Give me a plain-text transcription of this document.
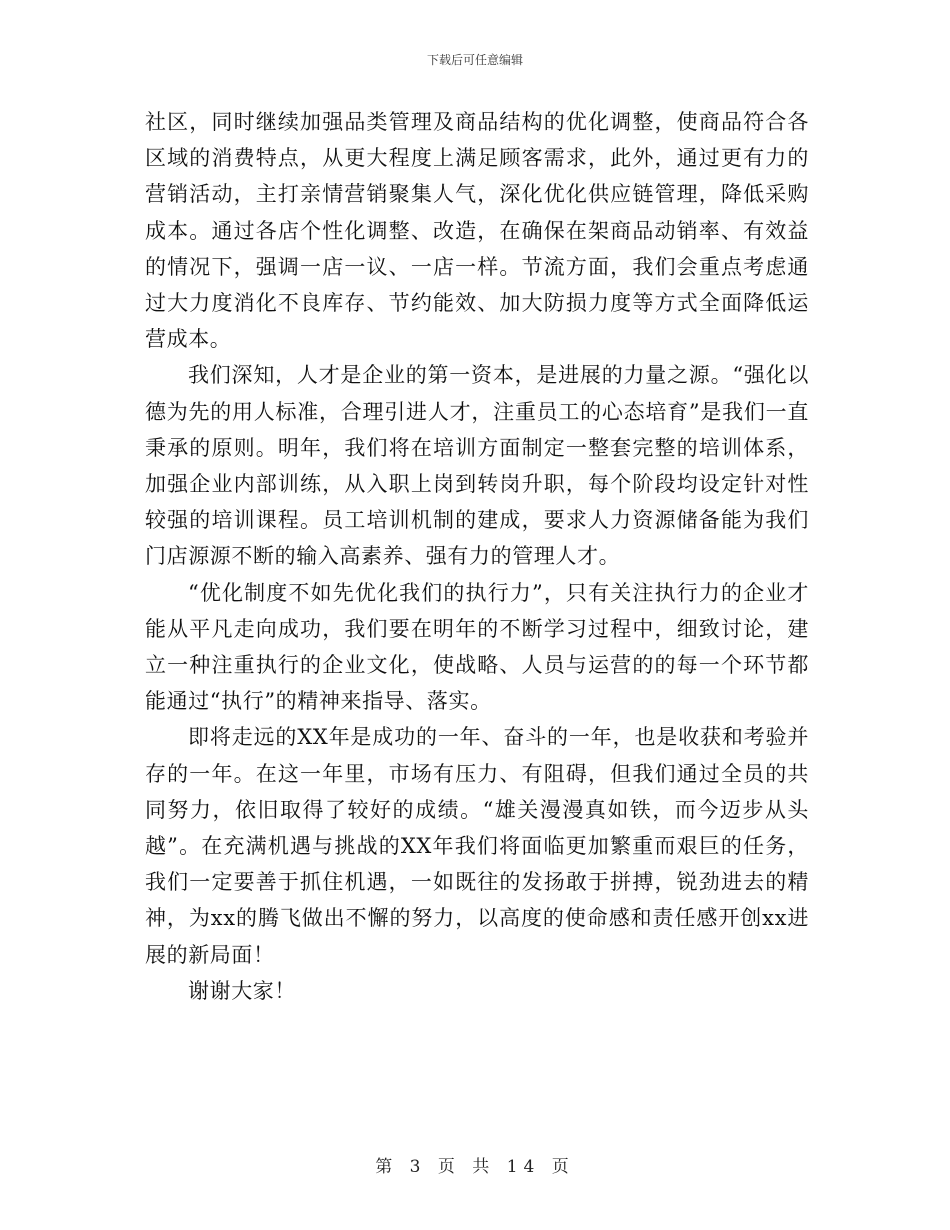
下载后可任意编辑

社区，同时继续加强品类管理及商品结构的优化调整，使商品符合各区域的消费特点，从更大程度上满足顾客需求，此外，通过更有力的营销活动，主打亲情营销聚集人气，深化优化供应链管理，降低采购成本。通过各店个性化调整、改造，在确保在架商品动销率、有效益的情况下，强调一店一议、一店一样。节流方面，我们会重点考虑通过大力度消化不良库存、节约能效、加大防损力度等方式全面降低运营成本。

我们深知，人才是企业的第一资本，是进展的力量之源。“强化以德为先的用人标准，合理引进人才，注重员工的心态培育”是我们一直秉承的原则。明年，我们将在培训方面制定一整套完整的培训体系，加强企业内部训练，从入职上岗到转岗升职，每个阶段均设定针对性较强的培训课程。员工培训机制的建成，要求人力资源储备能为我们门店源源不断的输入高素养、强有力的管理人才。

“优化制度不如先优化我们的执行力”，只有关注执行力的企业才能从平凡走向成功，我们要在明年的不断学习过程中，细致讨论，建立一种注重执行的企业文化，使战略、人员与运营的的每一个环节都能通过“执行”的精神来指导、落实。

即将走远的XX年是成功的一年、奋斗的一年，也是收获和考验并存的一年。在这一年里，市场有压力、有阻碍，但我们通过全员的共同努力，依旧取得了较好的成绩。“雄关漫漫真如铁，而今迈步从头越”。在充满机遇与挑战的XX年我们将面临更加繁重而艰巨的任务，我们一定要善于抓住机遇，一如既往的发扬敢于拼搏，锐劲进去的精神，为xx的腾飞做出不懈的努力，以高度的使命感和责任感开创xx进展的新局面！

谢谢大家！

第 3 页 共 14 页
